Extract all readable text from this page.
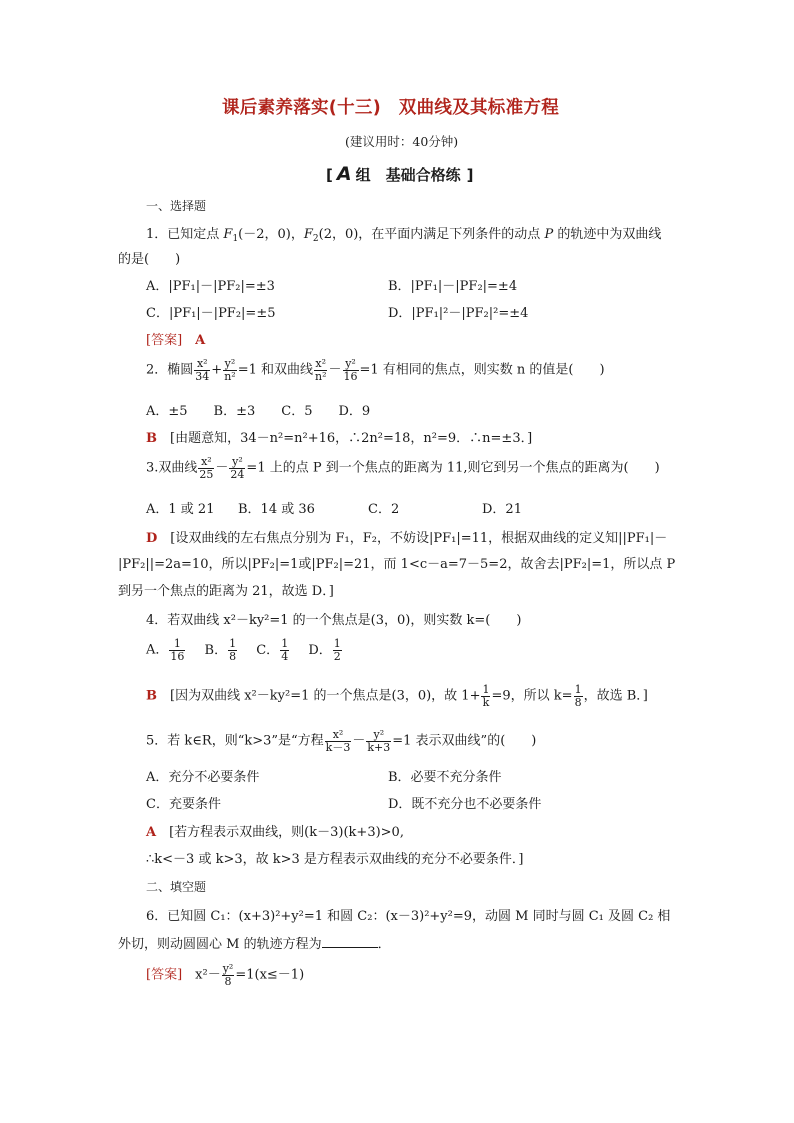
课后素养落实(十三)　双曲线及其标准方程
(建议用时：40分钟)
[ A 组　基础合格练 ]
一、选择题
1．已知定点 $F_1(-2$，0)，$F_2(2$，0)，在平面内满足下列条件的动点 P 的轨迹中为双曲线
的是(　　)
A．|PF₁|－|PF₂|=±3	B．|PF₁|－|PF₂|=±4
C．|PF₁|－|PF₂|=±5	D．|PF₁|²－|PF₂|²=±4
[答案]　 A
2．椭圆 $\frac{\text{x²}}{34} + \frac{\text{y²}}{\text{n²}} =1$ 和双曲线 $\frac{\text{x²}}{\text{n²}} - \frac{\text{y²}}{16} =1$ 有相同的焦点，则实数 n 的值是(　　)
A．±5　　B．±3　　C．5　　D．9
B　 [由题意知，34－n²=n²+16，∴2n²=18，n²=9．∴n=±3．]
3.双曲线 $\frac{\text{x²}}{25} - \frac{\text{y²}}{24} =1$ 上的点 P 到一个焦点的距离为 11,则它到另一个焦点的距离为(　　)
A．1 或 21 B．14 或 36	C．2	D．21
D　 [设双曲线的左右焦点分别为 F₁，F₂，不妨设|PF₁|=11，根据双曲线的定义知||PF₁|－
|PF₂||=2a=10，所以|PF₂|=1或|PF₂|=21，而 1<c－a=7－5=2，故舍去|PF₂|=1，所以点 P
到另一个焦点的距离为 21，故选 D．]
4．若双曲线 x²－ky²=1 的一个焦点是(3，0)，则实数 k=(　　)
A． $\frac{1}{16}$ B． $\frac{1}{8}$ C． $\frac{1}{4}$ D． $\frac{1}{2}$
B　 [因为双曲线 x²－ky²=1 的一个焦点是(3，0)，故 $1+ \frac{1}{k} =9$，所以 $k= \frac{1}{8}$ ，故选 B．]
5．若 k∈R，则“k>3”是“方程 $\frac{\text{x²}}{k-3} - \frac{\text{y²}}{k+3} =1$ 表示双曲线”的(　　)
A．充分不必要条件	B．必要不充分条件
C．充要条件	D．既不充分也不必要条件
A　 [若方程表示双曲线，则(k－3)(k+3)>0,
∴k<－3 或 k>3，故 k>3 是方程表示双曲线的充分不必要条件．]
二、填空题
6．已知圆 C₁：(x+3)²+y²=1 和圆 C₂：(x－3)²+y²=9，动圆 M 同时与圆 C₁ 及圆 C₂ 相
外切，则动圆圆心 M 的轨迹方程为	．
[答案]　 $x^2- \frac{\text{y²}}{8} =1(x\le-1)$
